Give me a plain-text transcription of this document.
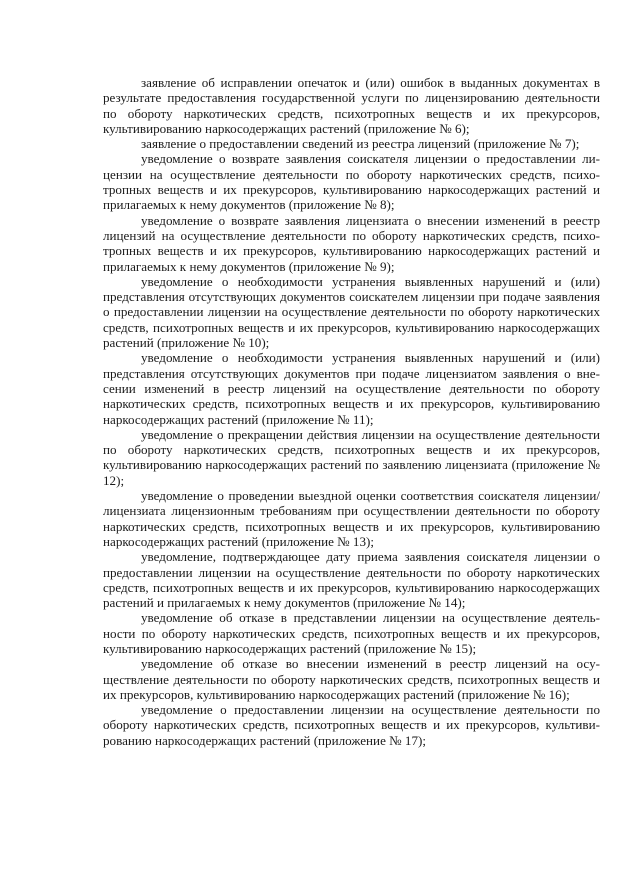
заявление об исправлении опечаток и (или) ошибок в выданных документах в результате предоставления государственной услуги по лицензированию деятельности по обороту наркотических средств, психотропных веществ и их прекурсоров, культивированию наркосодержащих растений (приложение № 6);

заявление о предоставлении сведений из реестра лицензий (приложение № 7);

уведомление о возврате заявления соискателя лицензии о предоставлении лицензии на осуществление деятельности по обороту наркотических средств, психотропных веществ и их прекурсоров, культивированию наркосодержащих растений и прилагаемых к нему документов (приложение № 8);

уведомление о возврате заявления лицензиата о внесении изменений в реестр лицензий на осуществление деятельности по обороту наркотических средств, психотропных веществ и их прекурсоров, культивированию наркосодержащих растений и прилагаемых к нему документов (приложение № 9);

уведомление о необходимости устранения выявленных нарушений и (или) представления отсутствующих документов соискателем лицензии при подаче заявления о предоставлении лицензии на осуществление деятельности по обороту наркотических средств, психотропных веществ и их прекурсоров, культивированию наркосодержащих растений (приложение № 10);

уведомление о необходимости устранения выявленных нарушений и (или) представления отсутствующих документов при подаче лицензиатом заявления о внесении изменений в реестр лицензий на осуществление деятельности по обороту наркотических средств, психотропных веществ и их прекурсоров, культивированию наркосодержащих растений (приложение № 11);

уведомление о прекращении действия лицензии на осуществление деятельности по обороту наркотических средств, психотропных веществ и их прекурсоров, культивированию наркосодержащих растений по заявлению лицензиата (приложение № 12);

уведомление о проведении выездной оценки соответствия соискателя лицензии/лицензиата лицензионным требованиям при осуществлении деятельности по обороту наркотических средств, психотропных веществ и их прекурсоров, культивированию наркосодержащих растений (приложение № 13);

уведомление, подтверждающее дату приема заявления соискателя лицензии о предоставлении лицензии на осуществление деятельности по обороту наркотических средств, психотропных веществ и их прекурсоров, культивированию наркосодержащих растений и прилагаемых к нему документов (приложение № 14);

уведомление об отказе в представлении лицензии на осуществление деятельности по обороту наркотических средств, психотропных веществ и их прекурсоров, культивированию наркосодержащих растений (приложение № 15);

уведомление об отказе во внесении изменений в реестр лицензий на осуществление деятельности по обороту наркотических средств, психотропных веществ и их прекурсоров, культивированию наркосодержащих растений (приложение № 16);

уведомление о предоставлении лицензии на осуществление деятельности по обороту наркотических средств, психотропных веществ и их прекурсоров, культивированию наркосодержащих растений (приложение № 17);
